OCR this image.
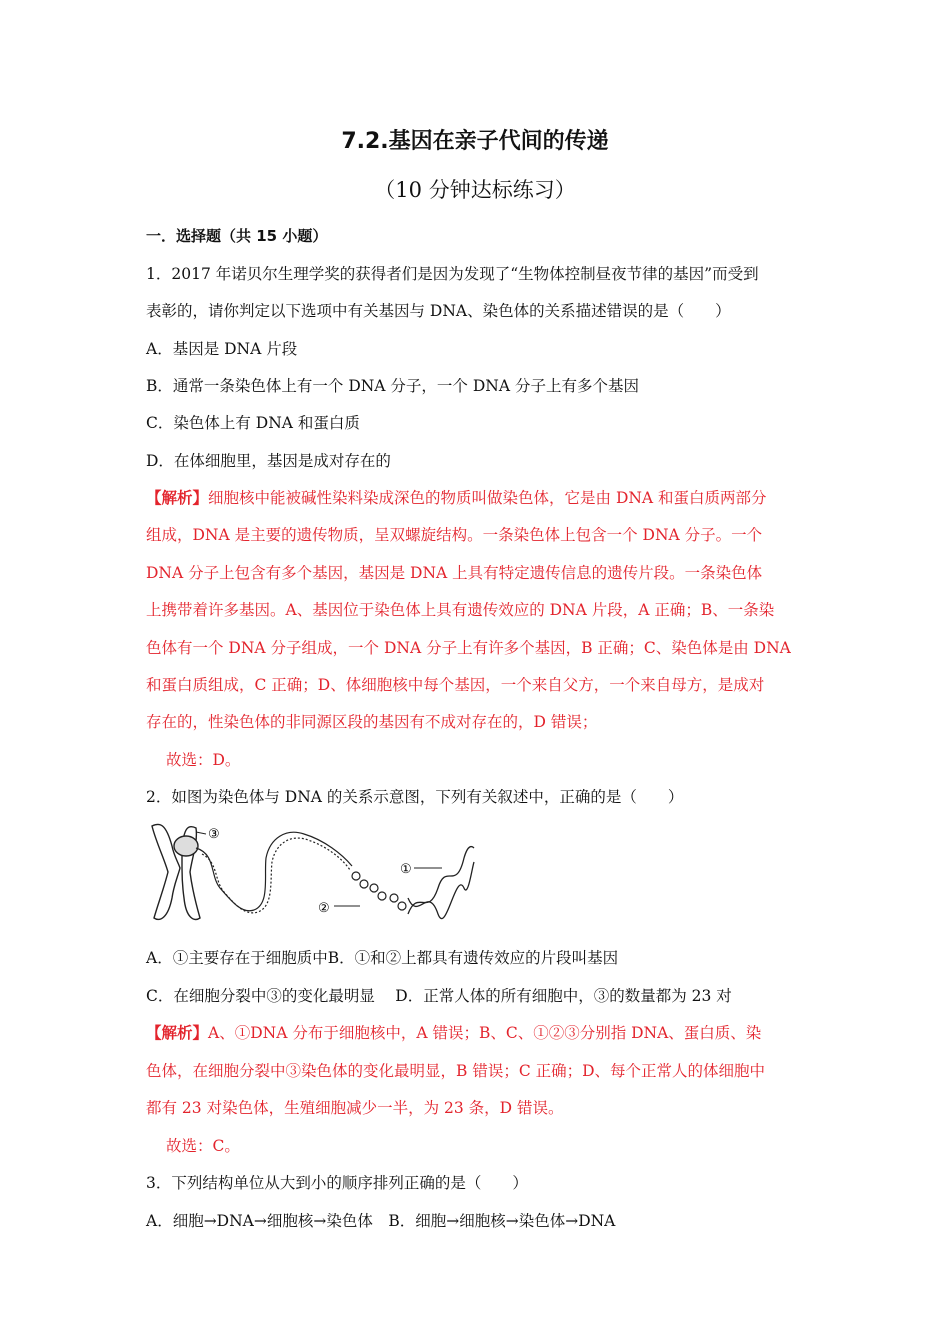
7.2.基因在亲子代间的传递
（10 分钟达标练习）
一．选择题（共 15 小题）
1．2017 年诺贝尔生理学奖的获得者们是因为发现了“生物体控制昼夜节律的基因”而受到
表彰的，请你判定以下选项中有关基因与 DNA、染色体的关系描述错误的是（　　）
A．基因是 DNA 片段
B．通常一条染色体上有一个 DNA 分子，一个 DNA 分子上有多个基因
C．染色体上有 DNA 和蛋白质
D．在体细胞里，基因是成对存在的
【解析】细胞核中能被碱性染料染成深色的物质叫做染色体，它是由 DNA 和蛋白质两部分
组成，DNA 是主要的遗传物质，呈双螺旋结构。一条染色体上包含一个 DNA 分子。一个
DNA 分子上包含有多个基因，基因是 DNA 上具有特定遗传信息的遗传片段。一条染色体
上携带着许多基因。A、基因位于染色体上具有遗传效应的 DNA 片段，A 正确；B、一条染
色体有一个 DNA 分子组成，一个 DNA 分子上有许多个基因，B 正确；C、染色体是由 DNA
和蛋白质组成，C 正确；D、体细胞核中每个基因，一个来自父方，一个来自母方，是成对
存在的，性染色体的非同源区段的基因有不成对存在的，D 错误；
故选：D。
2．如图为染色体与 DNA 的关系示意图，下列有关叙述中，正确的是（　　）
③
①
②
A．①主要存在于细胞质中B．①和②上都具有遗传效应的片段叫基因
C．在细胞分裂中③的变化最明显　 D．正常人体的所有细胞中，③的数量都为 23 对
【解析】A、①DNA 分布于细胞核中，A 错误；B、C、①②③分别指 DNA、蛋白质、染
色体，在细胞分裂中③染色体的变化最明显，B 错误；C 正确；D、每个正常人的体细胞中
都有 23 对染色体，生殖细胞减少一半，为 23 条，D 错误。
故选：C。
3．下列结构单位从大到小的顺序排列正确的是（　　）
A．细胞→DNA→细胞核→染色体　B．细胞→细胞核→染色体→DNA
